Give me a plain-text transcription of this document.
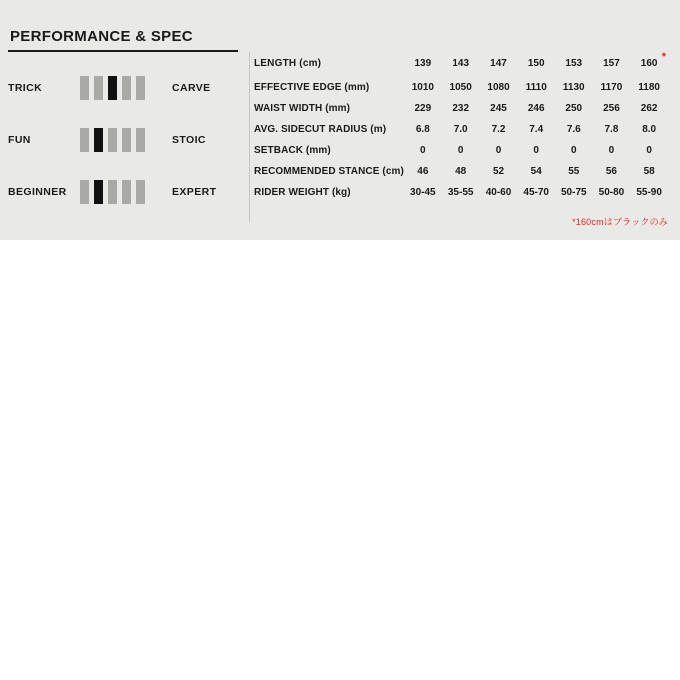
PERFORMANCE & SPEC
TRICK	CARVE
FUN	STOIC
BEGINNER	EXPERT
LENGTH (cm)	139	143	147	150	153	157	160
*

EFFECTIVE EDGE (mm)	1010	1050	1080	1110	1130	1170	1180
WAIST WIDTH (mm)	229	232	245	246	250	256	262
AVG. SIDECUT RADIUS (m)	6.8	7.0	7.2	7.4	7.6	7.8	8.0
SETBACK (mm)	0	0	0	0	0	0	0
RECOMMENDED STANCE (cm)	46	48	52	54	55	56	58
RIDER WEIGHT (kg)	30-45	35-55	40-60	45-70	50-75	50-80	55-90
*160cmはブラックのみ
